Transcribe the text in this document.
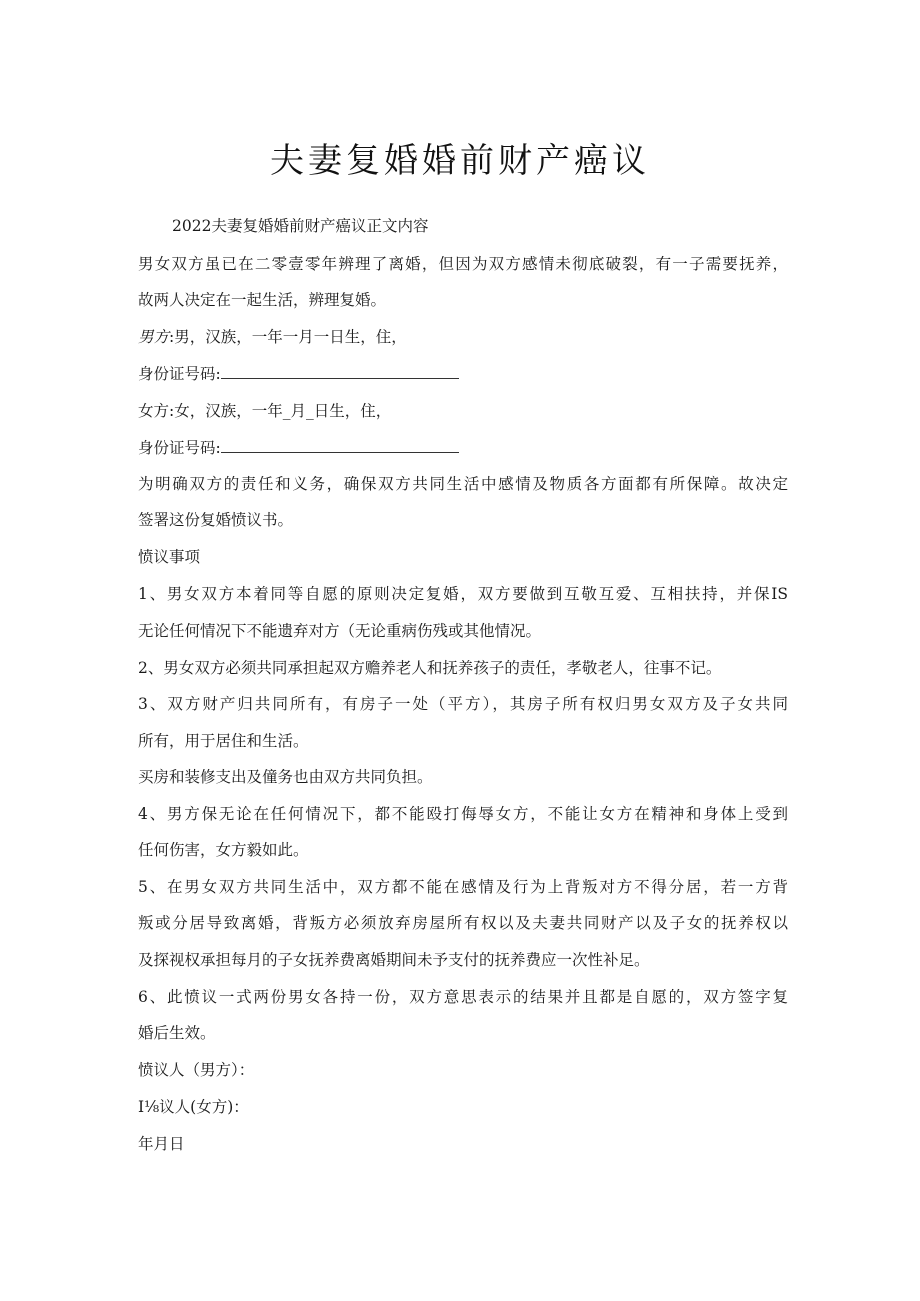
夫妻复婚婚前财产癌议
2022夫妻复婚婚前财产癌议正文内容
男女双方虽已在二零壹零年辨理了离婚，但因为双方感情未彻底破裂，有一子需要抚养，
故两人决定在一起生活，辨理复婚。
男方:男，汉族，一年一月一日生，住，
身份证号码:
女方:女，汉族，一年_月_日生，住，
身份证号码:
为明确双方的责任和义务，确保双方共同生活中感情及物质各方面都有所保障。故决定
签署这份复婚愤议书。
愤议事项
1、男女双方本着同等自愿的原则决定复婚，双方要做到互敬互爱、互相扶持，并保IS
无论任何情况下不能遗弃对方（无论重病伤残或其他情况。
2、男女双方必须共同承担起双方赡养老人和抚养孩子的责任，孝敬老人，往事不记。
3、双方财产归共同所有，有房子一处（平方），其房子所有权归男女双方及子女共同
所有，用于居住和生活。
买房和装修支出及僮务也由双方共同负担。
4、男方保无论在任何情况下，都不能殴打侮辱女方，不能让女方在精神和身体上受到
任何伤害，女方毅如此。
5、在男女双方共同生活中，双方都不能在感情及行为上背叛对方不得分居，若一方背
叛或分居导致离婚，背叛方必须放弃房屋所有权以及夫妻共同财产以及子女的抚养权以
及探视权承担每月的子女抚养费离婚期间未予支付的抚养费应一次性补足。
6、此愤议一式两份男女各持一份，双方意思表示的结果并且都是自愿的，双方签字复
婚后生效。
愤议人（男方）：
I⅛议人(女方)：
年月日
